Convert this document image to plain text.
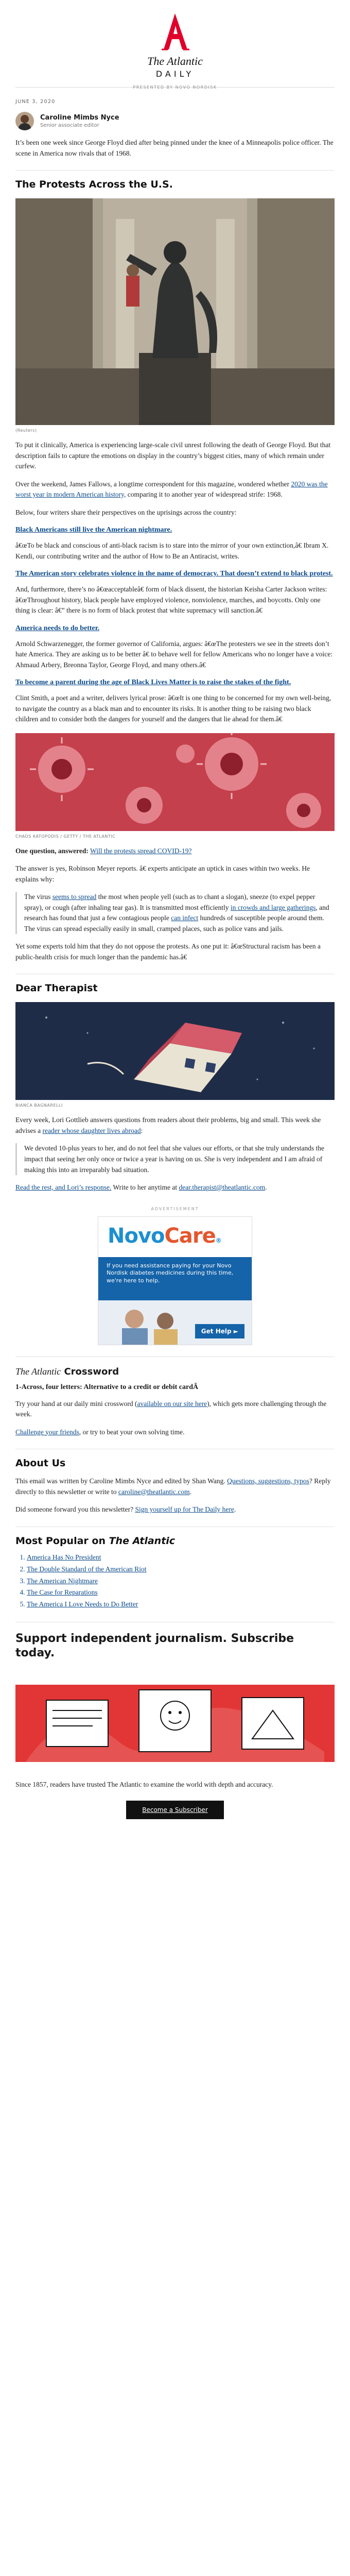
The Atlantic
DAILY
PRESENTED BY NOVO NORDISK
JUNE 3, 2020
Caroline Mimbs Nyce
Senior associate editor

It’s been one week since George Floyd died after being pinned under the knee of a Minneapolis police officer. The scene in America now rivals that of 1968.

The Protests Across the U.S.
(Reuters)

To put it clinically, America is experiencing large-scale civil unrest following the death of George Floyd. But that description fails to capture the emotions on display in the country’s biggest cities, many of which remain under curfew.

Over the weekend, James Fallows, a longtime correspondent for this magazine, wondered whether 2020 was the worst year in modern American history, comparing it to another year of widespread strife: 1968.

Below, four writers share their perspectives on the uprisings across the country:

Black Americans still live the American nightmare.

â€œTo be black and conscious of anti-black racism is to stare into the mirror of your own extinction,â€ Ibram X. Kendi, our contributing writer and the author of How to Be an Antiracist, writes.

The American story celebrates violence in the name of democracy. That doesn’t extend to black protest.

And, furthermore, there’s no â€œacceptableâ€ form of black dissent, the historian Keisha Carter Jackson writes: â€œThroughout history, black people have employed violence, nonviolence, marches, and boycotts. Only one thing is clear: â€” there is no form of black protest that white supremacy will sanction.â€

America needs to do better.

Arnold Schwarzenegger, the former governor of California, argues: â€œThe protesters we see in the streets don’t hate America. They are asking us to be better â€ to behave well for fellow Americans who no longer have a voice: Ahmaud Arbery, Breonna Taylor, George Floyd, and many others.â€

To become a parent during the age of Black Lives Matter is to raise the stakes of the fight.

Clint Smith, a poet and a writer, delivers lyrical prose: â€œIt is one thing to be concerned for my own well-being, to navigate the country as a black man and to encounter its risks. It is another thing to be raising two black children and to consider both the dangers for yourself and the dangers that lie ahead for them.â€

CHAOS KATOPODIS / GETTY / THE ATLANTIC

One question, answered: Will the protests spread COVID-19?

The answer is yes, Robinson Meyer reports. â€ experts anticipate an uptick in cases within two weeks. He explains why:

The virus seems to spread the most when people yell (such as to chant a slogan), sneeze (to expel pepper spray), or cough (after inhaling tear gas). It is transmitted most efficiently in crowds and large gatherings, and research has found that just a few contagious people can infect hundreds of susceptible people around them. The virus can spread especially easily in small, cramped places, such as police vans and jails.

Yet some experts told him that they do not oppose the protests. As one put it: â€œStructural racism has been a public-health crisis for much longer than the pandemic has.â€

Dear Therapist
BIANCA BAGNARELLI

Every week, Lori Gottlieb answers questions from readers about their problems, big and small. This week she advises a reader whose daughter lives abroad:

We devoted 10-plus years to her, and do not feel that she values our efforts, or that she truly understands the impact that seeing her only once or twice a year is having on us. She is very independent and I am afraid of making this into an irreparably bad situation.

Read the rest, and Lori’s response. Write to her anytime at dear.therapist@theatlantic.com.

ADVERTISEMENT
NovoCare®
If you need assistance paying for your Novo Nordisk diabetes medicines during this time, we're here to help.
Get Help ►
The Atlantic Crossword
1-Across, four letters: Alternative to a credit or debit cardÂ

Try your hand at our daily mini crossword (available on our site here), which gets more challenging through the week.

Challenge your friends, or try to beat your own solving time.

About Us

This email was written by Caroline Mimbs Nyce and edited by Shan Wang. Questions, suggestions, typos? Reply directly to this newsletter or write to caroline@theatlantic.com.

Did someone forward you this newsletter? Sign yourself up for The Daily here.

Most Popular on The Atlantic
1. America Has No President
2. The Double Standard of the American Riot
3. The American Nightmare
4. The Case for Reparations
5. The America I Love Needs to Do Better
Support independent journalism. Subscribe today.

Since 1857, readers have trusted The Atlantic to examine the world with depth and accuracy.

Become a Subscriber
